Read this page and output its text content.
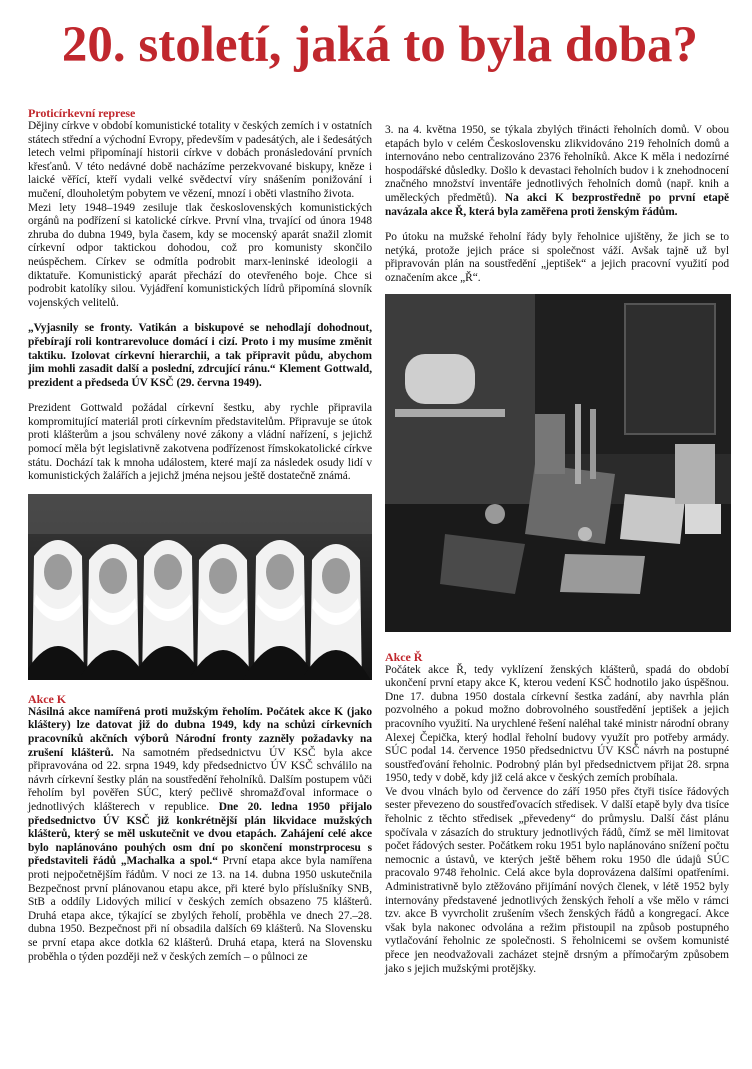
20. století, jaká to byla doba?

Proticírkevní represe

Dějiny církve v období komunistické totality v českých zemích i v ostatních státech střední a východní Evropy, především v padesátých, ale i šedesátých letech velmi připomínají historii církve v dobách pronásledování prvních křesťanů. V této nedávné době nacházíme perzekvované biskupy, kněze i laické věřící, kteří vydali velké svědectví víry snášením ponižování i mučení, dlouholetým pobytem ve vězení, mnozí i oběti vlastního života.

Mezi lety 1948–1949 zesiluje tlak československých komunistických orgánů na podřízení si katolické církve. První vlna, trvající od února 1948 zhruba do dubna 1949, byla časem, kdy se mocenský aparát snažil zlomit církevní odpor taktickou dohodou, což pro komunisty skončilo neúspěchem. Církev se odmítla podrobit marx-leninské ideologii a diktatuře. Komunistický aparát přechází do otevřeného boje. Chce si podrobit katolíky silou. Vyjádření komunistických lídrů připomíná slovník vojenských velitelů.

„Vyjasnily se fronty. Vatikán a biskupové se nehodlají dohodnout, přebírají roli kontrarevoluce domácí i cizí. Proto i my musíme změnit taktiku. Izolovat církevní hierarchii, a tak připravit půdu, abychom jim mohli zasadit další a poslední, zdrcující ránu.“ Klement Gottwald, prezident a předseda ÚV KSČ (29. června 1949).

Prezident Gottwald požádal církevní šestku, aby rychle připravila kompromitující materiál proti církevním představitelům. Připravuje se útok proti klášterům a jsou schváleny nové zákony a vládní nařízení, s jejichž pomocí měla být legislativně zakotvena podřízenost římskokatolické církve státu. Dochází tak k mnoha událostem, které mají za následek osudy lidí v komunistických žalářích a jejichž jména nejsou ještě dostatečně známá.

Akce K

Násilná akce namířená proti mužským řeholím. Počátek akce K (jako kláštery) lze datovat již do dubna 1949, kdy na schůzi církevních pracovníků akčních výborů Národní fronty zazněly požadavky na zrušení klášterů. Na samotném předsednictvu ÚV KSČ byla akce připravována od 22. srpna 1949, kdy předsednictvo ÚV KSČ schválilo na návrh církevní šestky plán na soustředění řeholníků. Dalším postupem vůči řeholím byl pověřen SÚC, který pečlivě shromažďoval informace o jednotlivých klášterech v republice. Dne 20. ledna 1950 přijalo předsednictvo ÚV KSČ již konkrétnější plán likvidace mužských klášterů, který se měl uskutečnit ve dvou etapách. Zahájení celé akce bylo naplánováno pouhých osm dní po skončení monstrprocesu s představiteli řádů „Machalka a spol.“ První etapa akce byla namířena proti nejpočetnějším řádům. V noci ze 13. na 14. dubna 1950 uskutečnila Bezpečnost první plánovanou etapu akce, při které bylo příslušníky SNB, StB a oddíly Lidových milicí v českých zemích obsazeno 75 klášterů. Druhá etapa akce, týkající se zbylých řeholí, proběhla ve dnech 27.–28. dubna 1950. Bezpečnost při ní obsadila dalších 69 klášterů. Na Slovensku se první etapa akce dotkla 62 klášterů. Druhá etapa, která na Slovensku proběhla o týden později než v českých zemích – o půlnoci ze

3. na 4. května 1950, se týkala zbylých třinácti řeholních domů. V obou etapách bylo v celém Československu zlikvidováno 219 řeholních domů a internováno nebo centralizováno 2376 řeholníků. Akce K měla i nedozírné hospodářské důsledky. Došlo k devastaci řeholních budov i k znehodnocení značného množství inventáře jednotlivých řeholních domů (např. knih a uměleckých předmětů). Na akci K bezprostředně po první etapě navázala akce Ř, která byla zaměřena proti ženským řádům.

Po útoku na mužské řeholní řády byly řeholnice ujištěny, že jich se to netýká, protože jejich práce si společnost váží. Avšak tajně už byl připravován plán na soustředění „jeptišek“ a jejich pracovní využití pod označením akce „Ř“.

Akce Ř

Počátek akce Ř, tedy vyklízení ženských klášterů, spadá do období ukončení první etapy akce K, kterou vedení KSČ hodnotilo jako úspěšnou. Dne 17. dubna 1950 dostala církevní šestka zadání, aby navrhla plán pozvolného a pokud možno dobrovolného soustředění jeptišek a jejich pracovního využití. Na urychlené řešení naléhal také ministr národní obrany Alexej Čepička, který hodlal řeholní budovy využít pro potřeby armády. SÚC podal 14. července 1950 předsednictvu ÚV KSČ návrh na postupné soustřeďování řeholnic. Podrobný plán byl předsednictvem přijat 28. srpna 1950, tedy v době, kdy již celá akce v českých zemích probíhala.

Ve dvou vlnách bylo od července do září 1950 přes čtyři tisíce řádových sester převezeno do soustřeďovacích středisek. V další etapě byly dva tisíce řeholnic z těchto středisek „převedeny“ do průmyslu. Další část plánu spočívala v zásazích do struktury jednotlivých řádů, čímž se měl limitovat počet řádových sester. Počátkem roku 1951 bylo naplánováno snížení počtu nemocnic a ústavů, ve kterých ještě během roku 1950 dle údajů SÚC pracovalo 9748 řeholnic. Celá akce byla doprovázena dalšími opatřeními. Administrativně bylo ztěžováno přijímání nových členek, v létě 1952 byly internovány představené jednotlivých ženských řeholí a vše mělo v rámci tzv. akce B vyvrcholit zrušením všech ženských řádů a kongregací. Akce však byla nakonec odvolána a režim přistoupil na způsob postupného vytlačování řeholnic ze společnosti. S řeholnicemi se ovšem komunisté přece jen neodvažovali zacházet stejně drsným a přímočarým způsobem jako s jejich mužskými protějšky.
